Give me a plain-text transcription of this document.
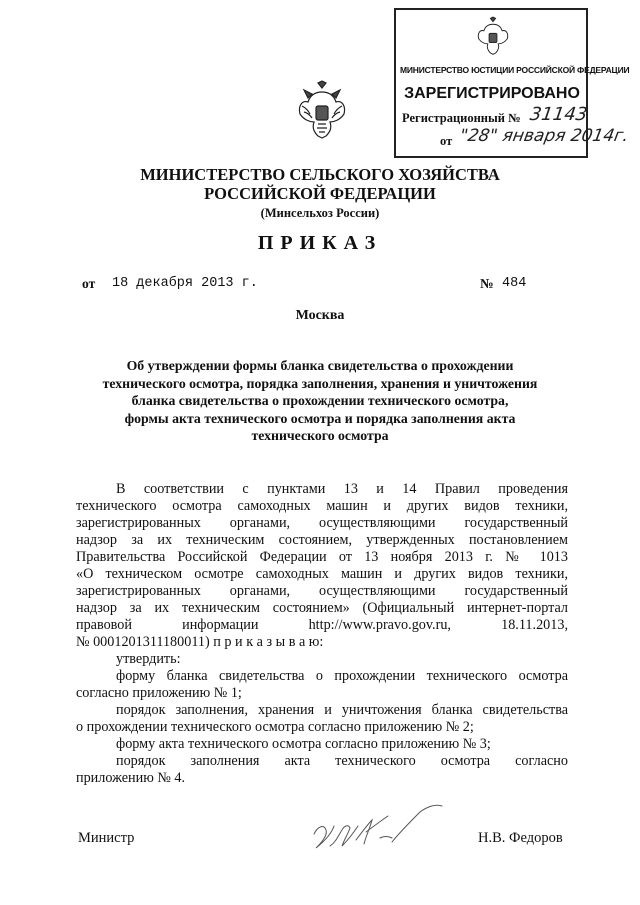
МИНИСТЕРСТВО ЮСТИЦИИ РОССИЙСКОЙ ФЕДЕРАЦИИ
ЗАРЕГИСТРИРОВАНО
Регистрационный № 31143
от "28" января 2014г.
МИНИСТЕРСТВО СЕЛЬСКОГО ХОЗЯЙСТВА
РОССИЙСКОЙ ФЕДЕРАЦИИ
(Минсельхоз России)
ПРИКАЗ
от 18 декабря 2013 г.	№ 484
Москва
Об утверждении формы бланка свидетельства о прохождении
технического осмотра, порядка заполнения, хранения и уничтожения
бланка свидетельства о прохождении технического осмотра,
формы акта технического осмотра и порядка заполнения акта
технического осмотра
В соответствии с пунктами 13 и 14 Правил проведения
технического осмотра самоходных машин и других видов техники,
зарегистрированных органами, осуществляющими государственный
надзор за их техническим состоянием, утвержденных постановлением
Правительства Российской Федерации от 13 ноября 2013 г. № 1013
«О техническом осмотре самоходных машин и других видов техники,
зарегистрированных органами, осуществляющими государственный
надзор за их техническим состоянием» (Официальный интернет-портал
правовой информации http://www.pravo.gov.ru, 18.11.2013,
№ 0001201311180011) п р и к а з ы в а ю:
утвердить:
форму бланка свидетельства о прохождении технического осмотра
согласно приложению № 1;
порядок заполнения, хранения и уничтожения бланка свидетельства
о прохождении технического осмотра согласно приложению № 2;
форму акта технического осмотра согласно приложению № 3;
порядок заполнения акта технического осмотра согласно
приложению № 4.
Министр	Н.В. Федоров
